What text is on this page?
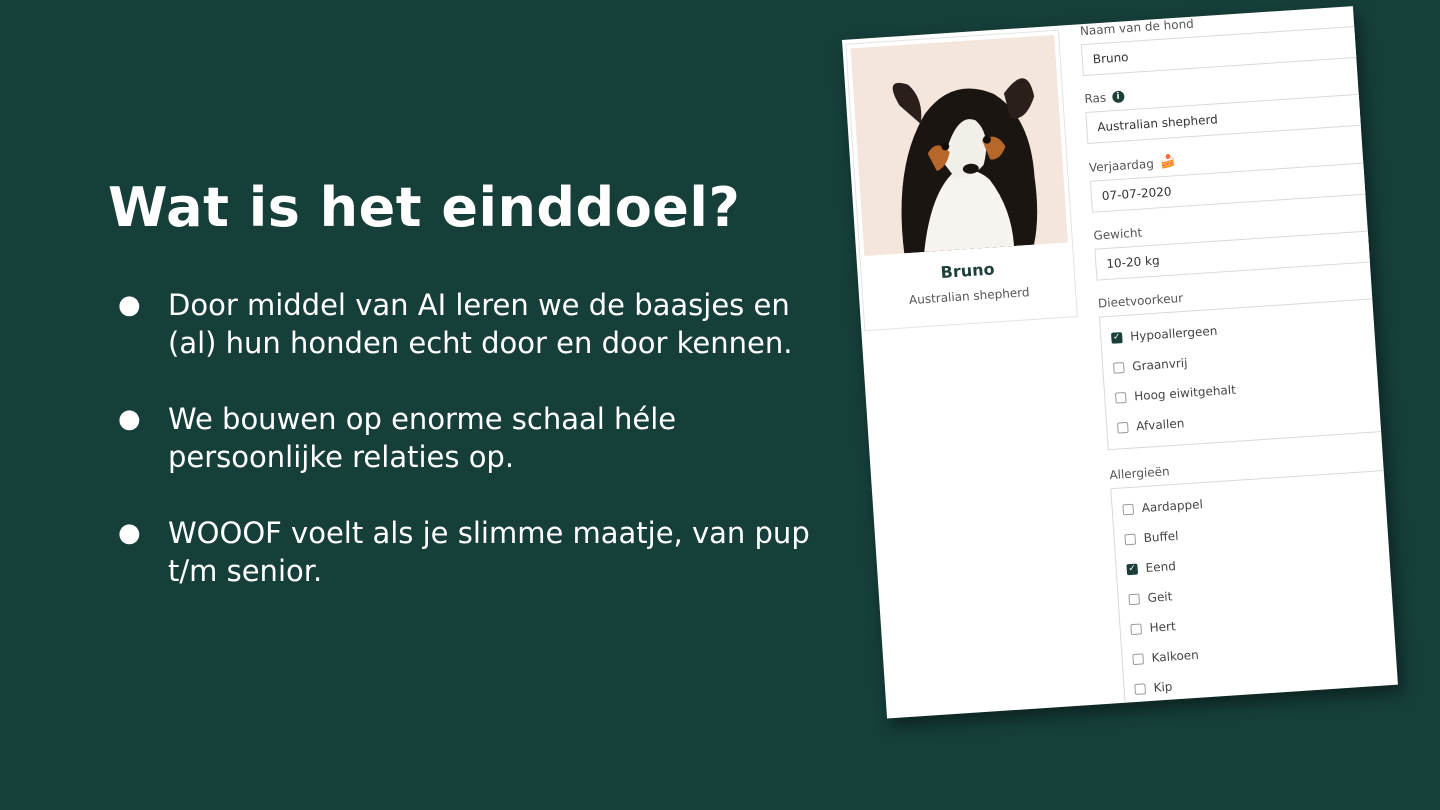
Wat is het einddoel?
● Door middel van AI leren we de baasjes en (al) hun honden echt door en door kennen.
● We bouwen op enorme schaal héle persoonlijke relaties op.
● WOOOF voelt als je slimme maatje, van pup t/m senior.
Bruno
Australian shepherd
Naam van de hond
Bruno
Ras	i
Australian shepherd
Verjaardag 🍰
07-07-2020
Gewicht
10-20 kg
Dieetvoorkeur
✓ Hypoallergeen
Graanvrij
Hoog eiwitgehalt
Afvallen
Allergieën
Aardappel
Buffel
✓ Eend
Geit
Hert
Kalkoen
Kip
